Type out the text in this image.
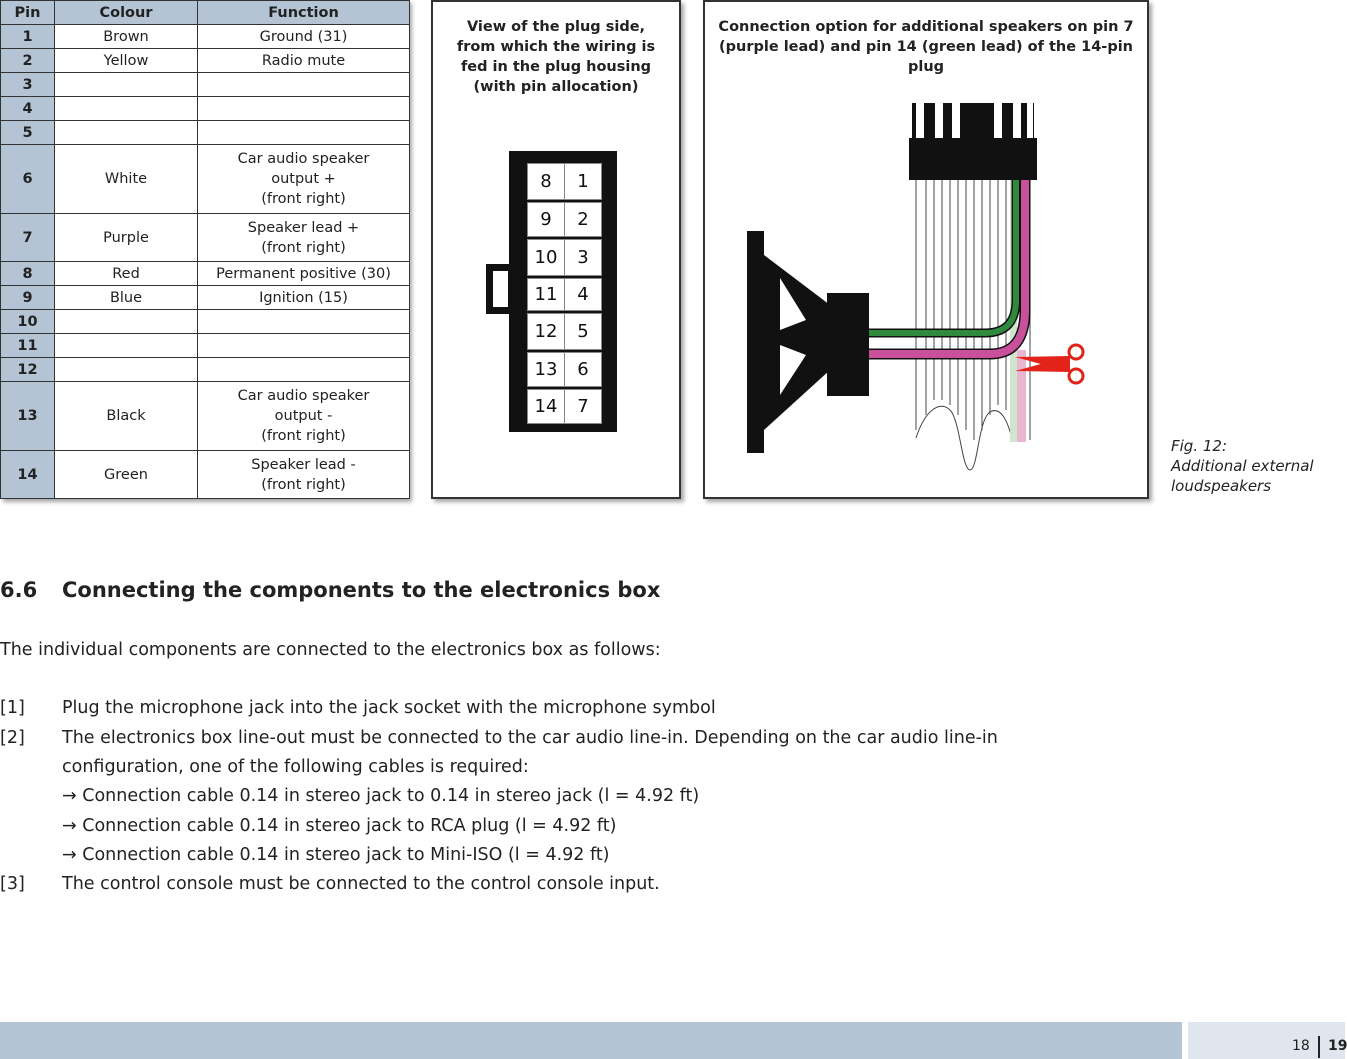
Pin	Colour	Function
1	Brown	Ground (31)

2	Yellow	Radio mute

3		
4		
5		
6	White	Car audio speaker
output +
(front right)

7	Purple	Speaker lead +
(front right)

8	Red	Permanent positive (30)

9	Blue	Ignition (15)

10		
11		
12		
13	Black	Car audio speaker
output -
(front right)

14	Green	Speaker lead -
(front right)
View of the plug side,
from which the wiring is
fed in the plug housing
(with pin allocation)
8
9
10
11
12
13
14
1
2
3
4
5
6
7
Connection option for additional speakers on pin 7
(purple lead) and pin 14 (green lead) of the 14-pin plug
Fig. 12:
Additional external
loudspeakers
6.6 Connecting the components to the electronics box
The individual components are connected to the electronics box as follows:
[1] Plug the microphone jack into the jack socket with the microphone symbol
[2] The electronics box line-out must be connected to the car audio line-in. Depending on the car audio line-in
configuration, one of the following cables is required:
→ Connection cable 0.14 in stereo jack to 0.14 in stereo jack (l = 4.92 ft)
→ Connection cable 0.14 in stereo jack to RCA plug (l = 4.92 ft)
→ Connection cable 0.14 in stereo jack to Mini-ISO (l = 4.92 ft)
[3] The control console must be connected to the control console input.
18 19
